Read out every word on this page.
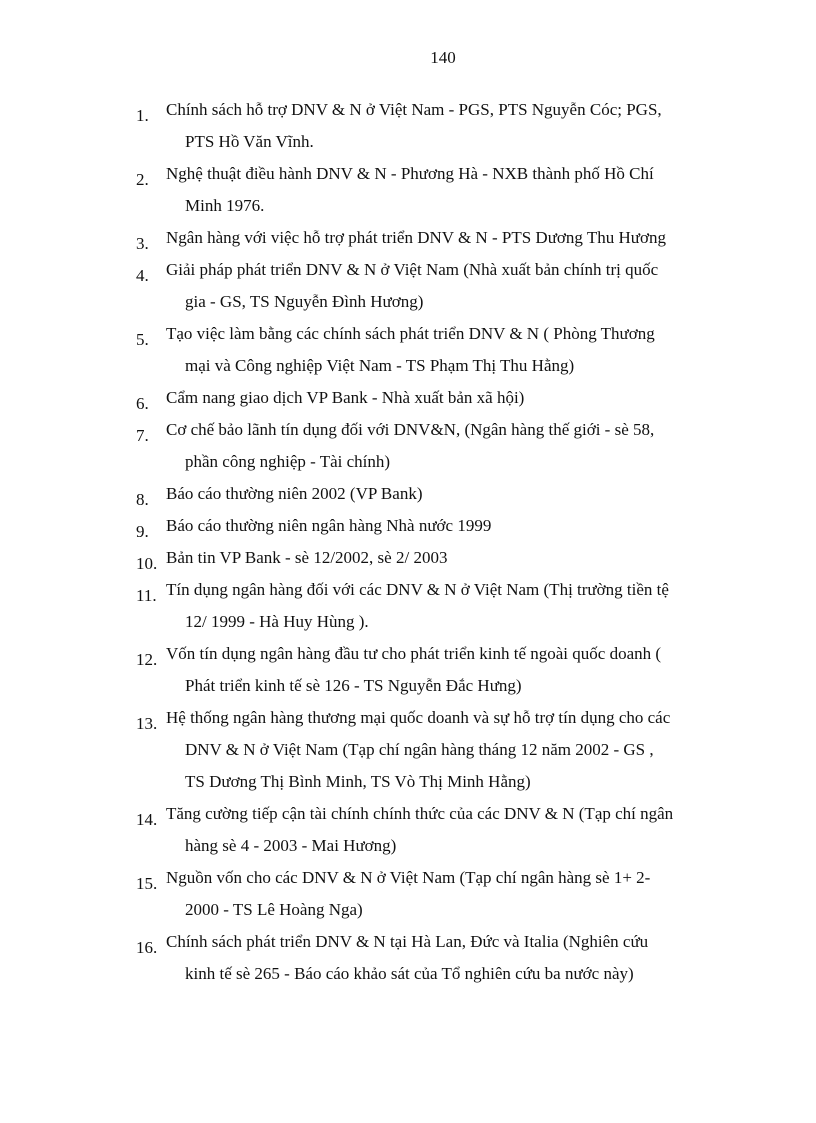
140
1. Chính sách hỗ trợ DNV & N ở Việt Nam - PGS, PTS Nguyễn Cóc; PGS,
PTS Hồ Văn Vĩnh.
2. Nghệ thuật điều hành DNV & N - Phương Hà - NXB thành phố Hồ Chí
Minh 1976.
3. Ngân hàng với việc hỗ trợ phát triển DNV & N - PTS Dương Thu Hương
4. Giải pháp phát triển DNV & N ở Việt Nam (Nhà xuất bản chính trị quốc
gia - GS, TS Nguyễn Đình Hương)
5. Tạo việc làm bằng các chính sách phát triển DNV & N ( Phòng Thương
mại và Công nghiệp Việt Nam - TS Phạm Thị Thu Hằng)
6. Cẩm nang giao dịch VP Bank - Nhà xuất bản xã hội)
7. Cơ chế bảo lãnh tín dụng đối với DNV&N, (Ngân hàng thế giới - sè 58,
phần công nghiệp - Tài chính)
8. Báo cáo thường niên 2002 (VP Bank)
9. Báo cáo thường niên ngân hàng Nhà nước 1999
10. Bản tin VP Bank - sè 12/2002, sè 2/ 2003
11. Tín dụng ngân hàng đối với các DNV & N ở Việt Nam (Thị trường tiền tệ
12/ 1999 - Hà Huy Hùng ).
12. Vốn tín dụng ngân hàng đầu tư cho phát triển kinh tế ngoài quốc doanh (
Phát triển kinh tế sè 126 - TS Nguyễn Đắc Hưng)
13. Hệ thống ngân hàng thương mại quốc doanh và sự hỗ trợ tín dụng cho các
DNV & N ở Việt Nam (Tạp chí ngân hàng tháng 12 năm 2002 - GS ,
TS Dương Thị Bình Minh, TS Vò Thị Minh Hằng)
14. Tăng cường tiếp cận tài chính chính thức của các DNV & N (Tạp chí ngân
hàng sè 4 - 2003 - Mai Hương)
15. Nguồn vốn cho các DNV & N ở Việt Nam (Tạp chí ngân hàng sè 1+ 2-
2000 - TS Lê Hoàng Nga)
16. Chính sách phát triển DNV & N tại Hà Lan, Đức và Italia (Nghiên cứu
kinh tế sè 265 - Báo cáo khảo sát của Tổ nghiên cứu ba nước này)
